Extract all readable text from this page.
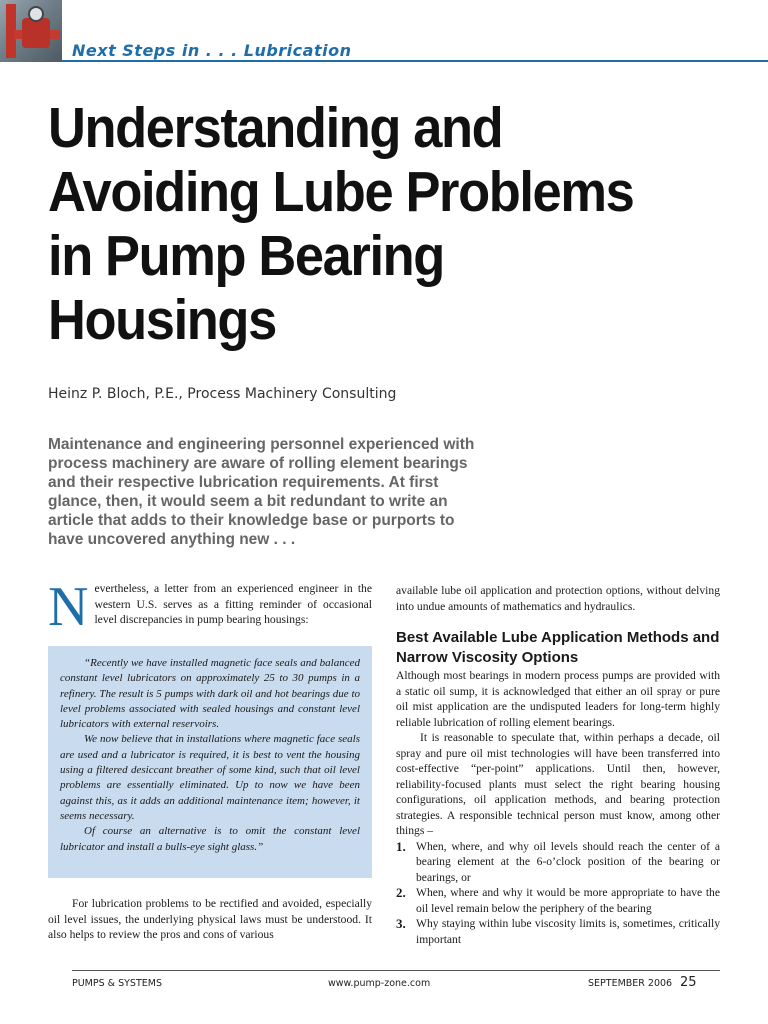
Next Steps in . . . Lubrication
Understanding and
Avoiding Lube Problems
in Pump Bearing
Housings
Heinz P. Bloch, P.E., Process Machinery Consulting

Maintenance and engineering personnel experienced with process machinery are aware of rolling element bearings and their respective lubrication requirements. At first glance, then, it would seem a bit redundant to write an article that adds to their knowledge base or purports to have uncovered anything new . . .

Nevertheless, a letter from an experienced engineer in the western U.S. serves as a fitting reminder of occasional level discrepancies in pump bearing housings:

“Recently we have installed magnetic face seals and balanced constant level lubricators on approximately 25 to 30 pumps in a refinery. The result is 5 pumps with dark oil and hot bearings due to level problems associated with sealed housings and constant level lubricators with external reservoirs.

We now believe that in installations where magnetic face seals are used and a lubricator is required, it is best to vent the housing using a filtered desiccant breather of some kind, such that oil level problems are essentially eliminated. Up to now we have been against this, as it adds an additional maintenance item; however, it seems necessary.

Of course an alternative is to omit the constant level lubricator and install a bulls-eye sight glass.”

For lubrication problems to be rectified and avoided, especially oil level issues, the underlying physical laws must be understood. It also helps to review the pros and cons of various
available lube oil application and protection options, without delving into undue amounts of mathematics and hydraulics.
Best Available Lube Application Methods and Narrow Viscosity Options

Although most bearings in modern process pumps are provided with a static oil sump, it is acknowledged that either an oil spray or pure oil mist application are the undisputed leaders for long-term highly reliable lubrication of rolling element bearings.

It is reasonable to speculate that, within perhaps a decade, oil spray and pure oil mist technologies will have been transferred into cost-effective “per-point” applications. Until then, however, reliability-focused plants must select the right bearing housing configurations, oil application methods, and bearing protection strategies. A responsible technical person must know, among other things –

1. When, where, and why oil levels should reach the center of a bearing element at the 6-o’clock position of the bearing or bearings, or
2. When, where and why it would be more appropriate to have the oil level remain below the periphery of the bearing
3. Why staying within lube viscosity limits is, sometimes, critically important
PUMPS & SYSTEMS	www.pump-zone.com	SEPTEMBER 2006 25
